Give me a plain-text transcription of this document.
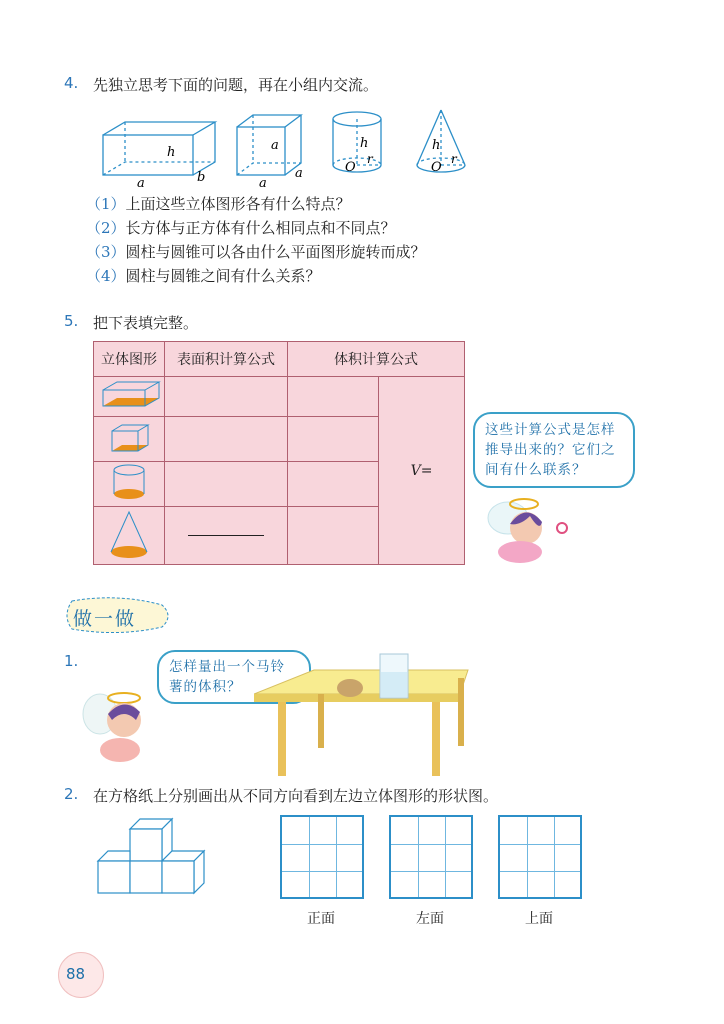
4. 先独立思考下面的问题，再在小组内交流。
h
a	b
a
a
a
h
O
r
h
O
r
（1）上面这些立体图形各有什么特点？
（2）长方体与正方体有什么相同点和不同点？
（3）圆柱与圆锥可以各由什么平面图形旋转而成？
（4）圆柱与圆锥之间有什么关系？
5. 把下表填完整。
立体图形	表面积计算公式	体积计算公式	
			V=

这些计算公式是怎样推导出来的？它们之间有什么联系？
做一做
1.	怎样量出一个马铃薯的体积？
2. 在方格纸上分别画出从不同方向看到左边立体图形的形状图。
正面	左面	上面
88
